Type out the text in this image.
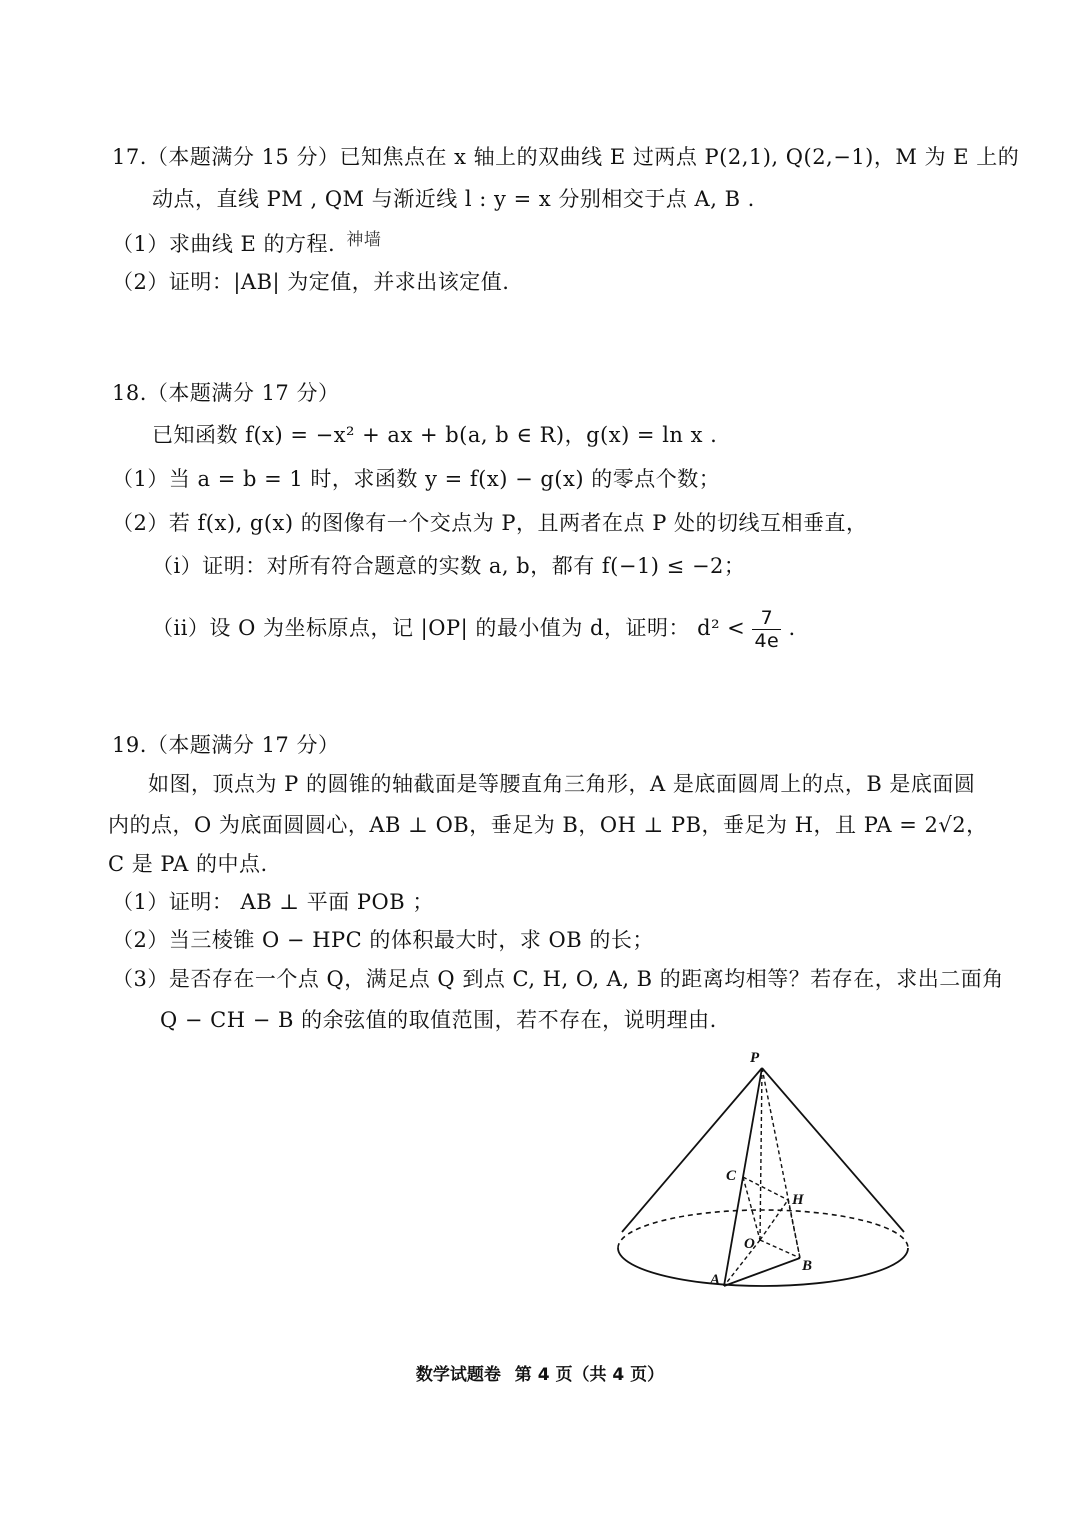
17.（本题满分 15 分）已知焦点在 x 轴上的双曲线 E 过两点 P(2,1), Q(2,−1)，M 为 E 上的
动点，直线 PM , QM 与渐近线 l : y = x 分别相交于点 A, B .
（1）求曲线 E 的方程. $^{神墙}$
（2）证明：|AB| 为定值，并求出该定值.
18.（本题满分 17 分）
已知函数 f(x) = −x² + ax + b(a, b ∈ R)，g(x) = ln x .
（1）当 a = b = 1 时，求函数 y = f(x) − g(x) 的零点个数；
（2）若 f(x), g(x) 的图像有一个交点为 P，且两者在点 P 处的切线互相垂直，
（i）证明：对所有符合题意的实数 a, b，都有 f(−1) ≤ −2；
（ii）设 O 为坐标原点，记 |OP| 的最小值为 d，证明： $d^2 < \frac{7}{4e}$ .
19.（本题满分 17 分）
如图，顶点为 P 的圆锥的轴截面是等腰直角三角形，A 是底面圆周上的点，B 是底面圆
内的点，O 为底面圆圆心，AB ⊥ OB，垂足为 B，OH ⊥ PB，垂足为 H，且 PA = 2√2，
C 是 PA 的中点.
（1）证明： AB ⊥ 平面 POB ；
（2）当三棱锥 O − HPC 的体积最大时，求 OB 的长；
（3）是否存在一个点 Q，满足点 Q 到点 C, H, O, A, B 的距离均相等？若存在，求出二面角
Q − CH − B 的余弦值的取值范围，若不存在，说明理由.
P
C
H
O
A
B
数学试题卷 第 4 页（共 4 页）
